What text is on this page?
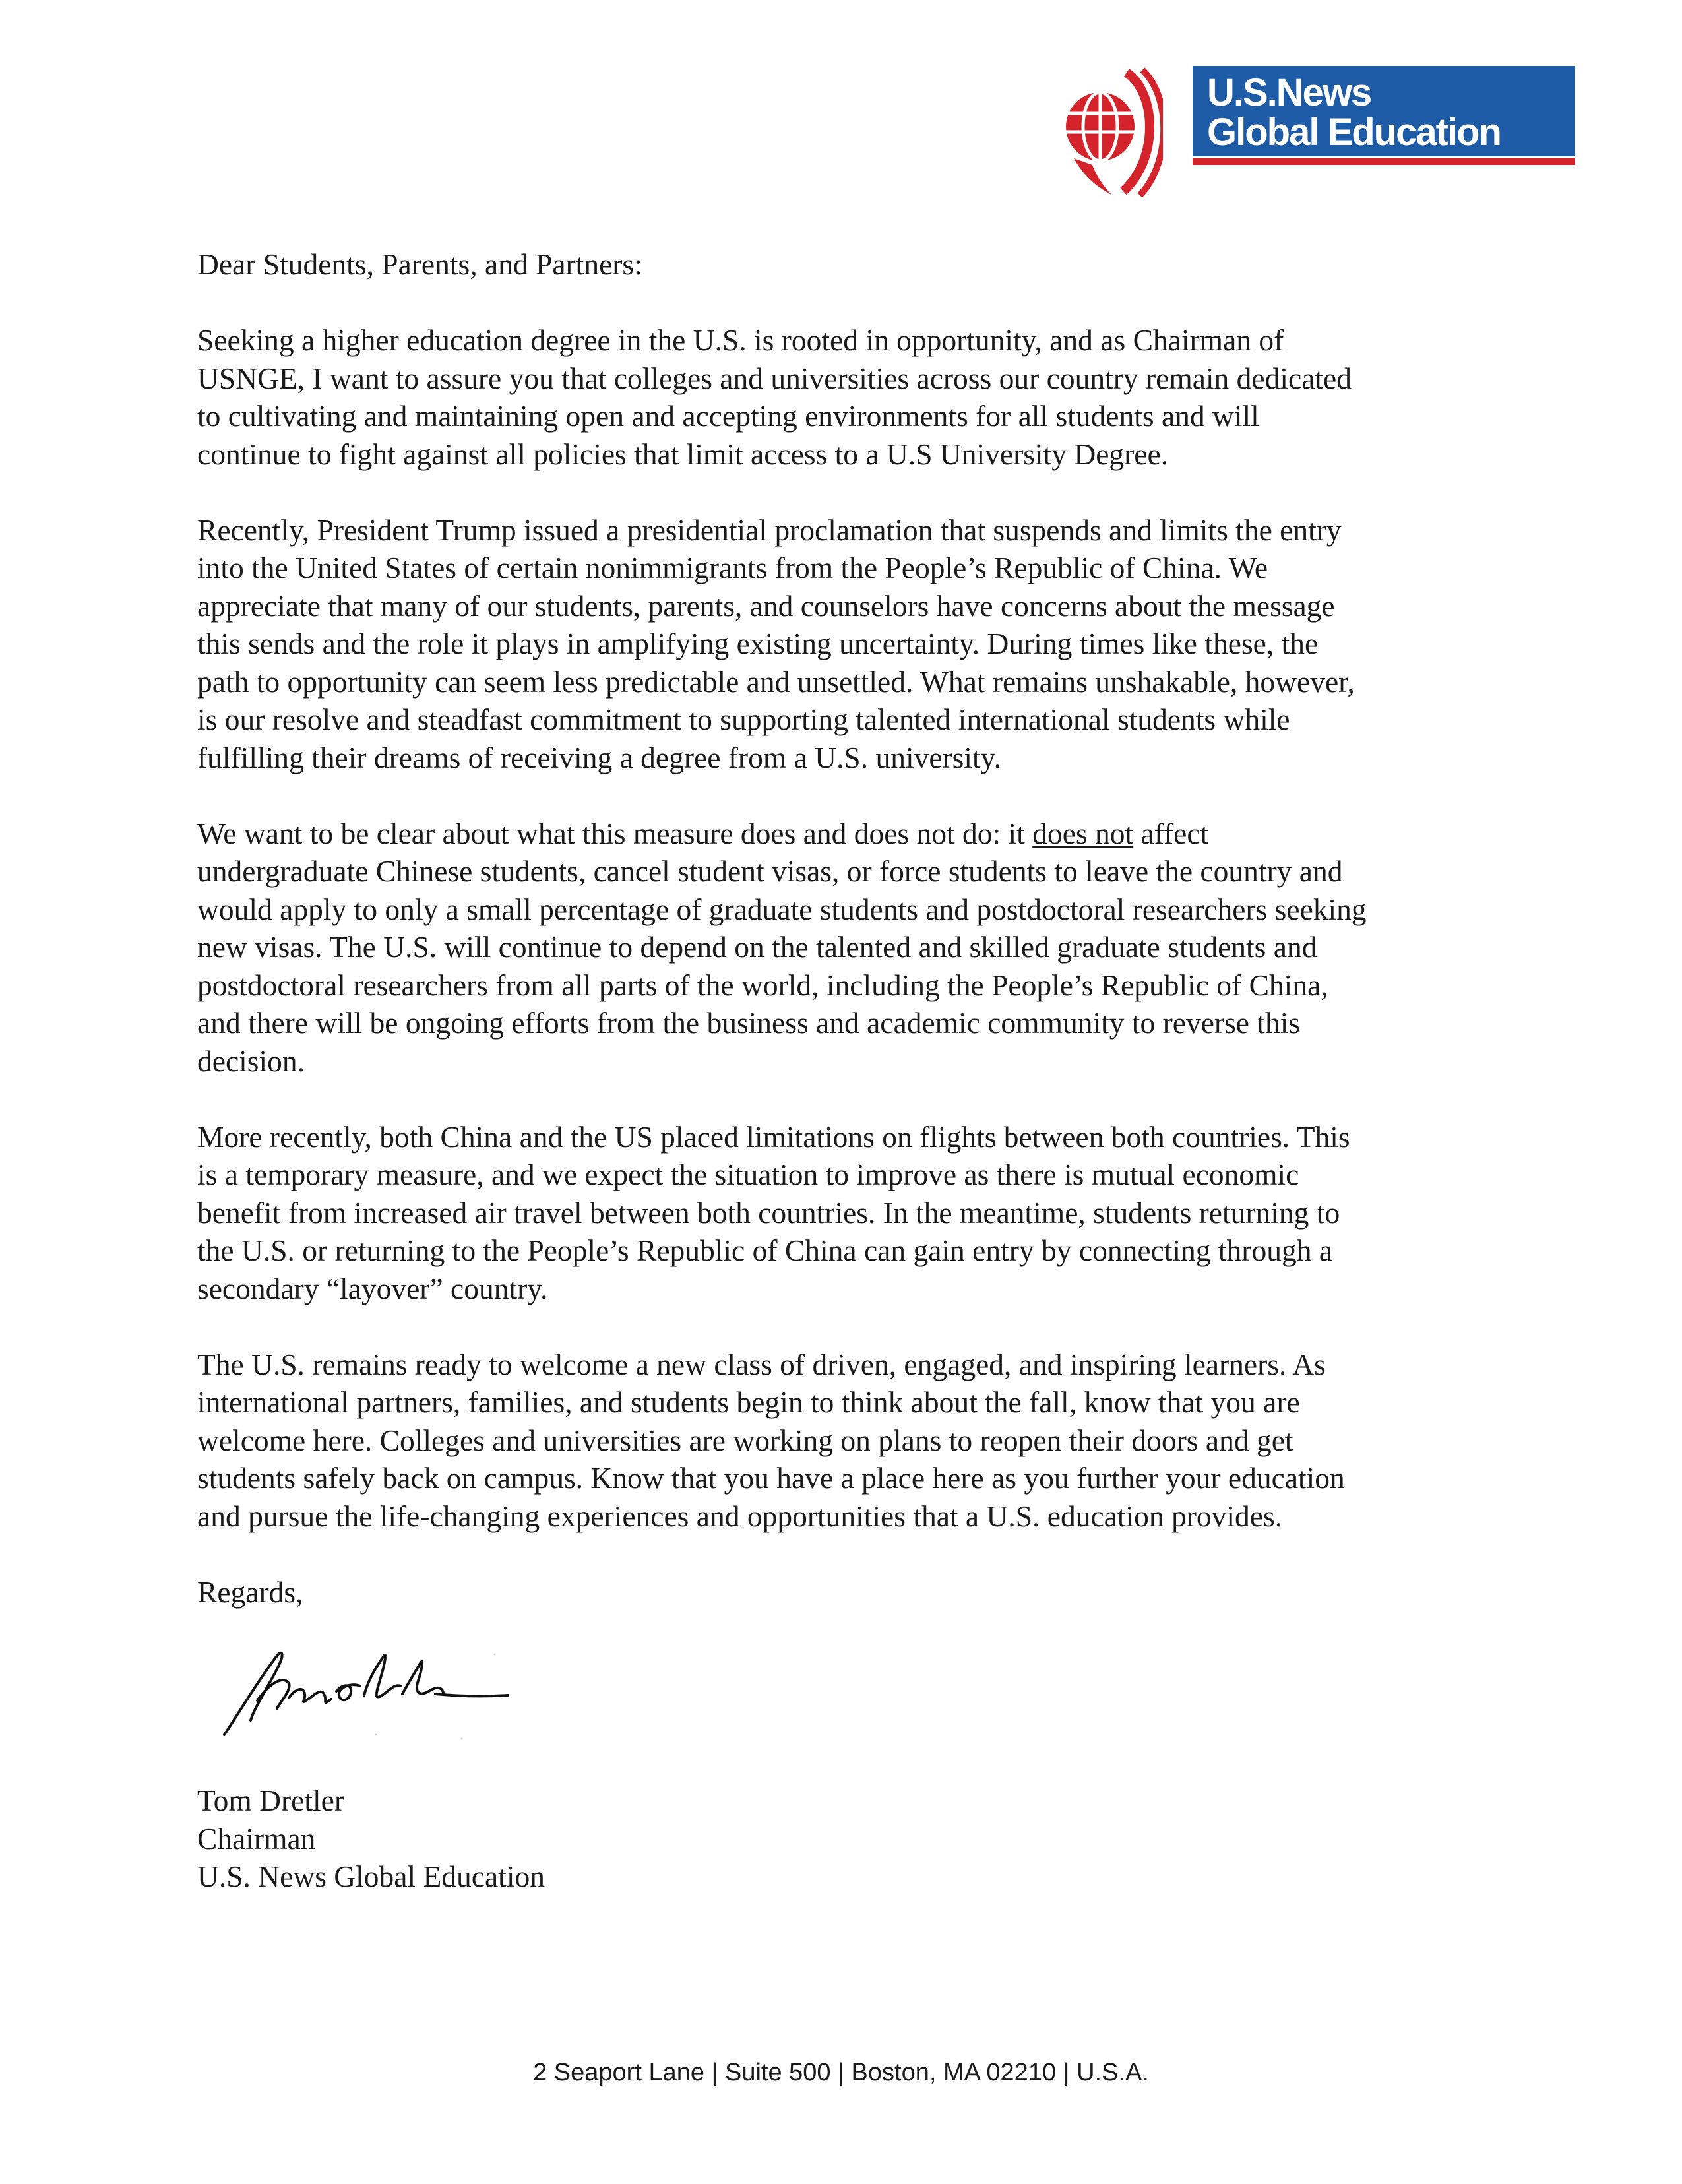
U.S.News
Global Education

Dear Students, Parents, and Partners:

Seeking a higher education degree in the U.S. is rooted in opportunity, and as Chairman of
USNGE, I want to assure you that colleges and universities across our country remain dedicated
to cultivating and maintaining open and accepting environments for all students and will
continue to fight against all policies that limit access to a U.S University Degree.

Recently, President Trump issued a presidential proclamation that suspends and limits the entry
into the United States of certain nonimmigrants from the People’s Republic of China. We
appreciate that many of our students, parents, and counselors have concerns about the message
this sends and the role it plays in amplifying existing uncertainty. During times like these, the
path to opportunity can seem less predictable and unsettled. What remains unshakable, however,
is our resolve and steadfast commitment to supporting talented international students while
fulfilling their dreams of receiving a degree from a U.S. university.

We want to be clear about what this measure does and does not do: it does not affect
undergraduate Chinese students, cancel student visas, or force students to leave the country and
would apply to only a small percentage of graduate students and postdoctoral researchers seeking
new visas. The U.S. will continue to depend on the talented and skilled graduate students and
postdoctoral researchers from all parts of the world, including the People’s Republic of China,
and there will be ongoing efforts from the business and academic community to reverse this
decision.

More recently, both China and the US placed limitations on flights between both countries. This
is a temporary measure, and we expect the situation to improve as there is mutual economic
benefit from increased air travel between both countries. In the meantime, students returning to
the U.S. or returning to the People’s Republic of China can gain entry by connecting through a
secondary “layover” country.

The U.S. remains ready to welcome a new class of driven, engaged, and inspiring learners. As
international partners, families, and students begin to think about the fall, know that you are
welcome here. Colleges and universities are working on plans to reopen their doors and get
students safely back on campus. Know that you have a place here as you further your education
and pursue the life-changing experiences and opportunities that a U.S. education provides.

Regards,

Tom Dretler
Chairman
U.S. News Global Education
2 Seaport Lane | Suite 500 | Boston, MA 02210 | U.S.A.
